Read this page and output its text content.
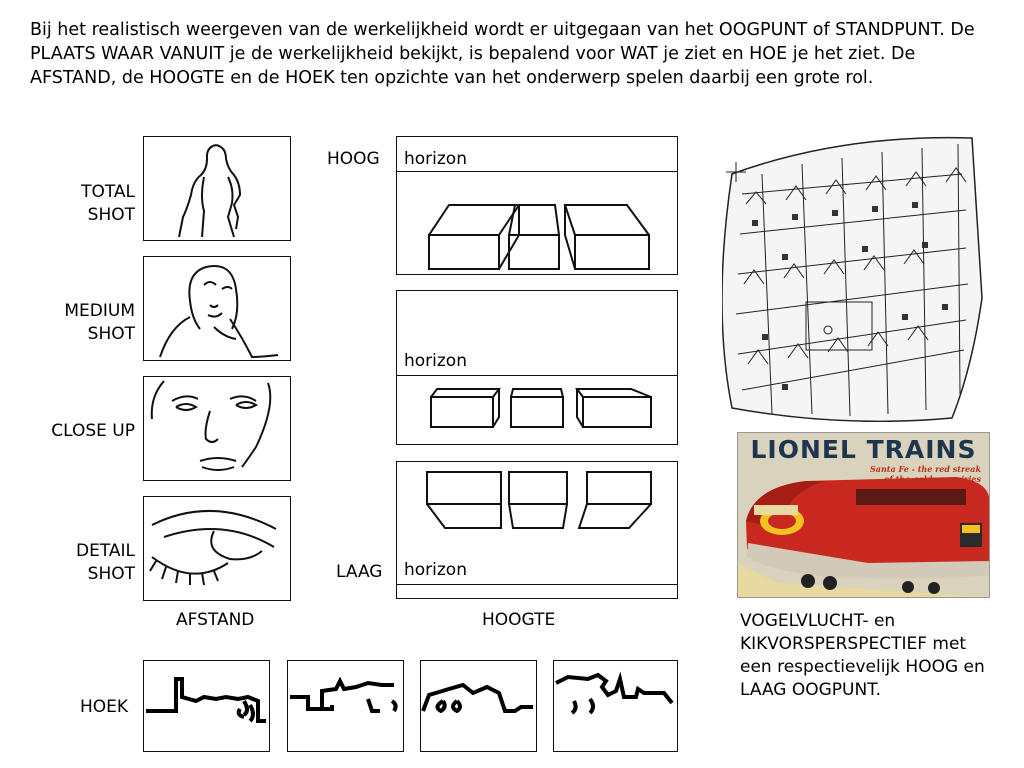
Bij het realistisch weergeven van de werkelijkheid wordt er uitgegaan van het OOGPUNT of STANDPUNT. De PLAATS WAAR VANUIT je de werkelijkheid bekijkt, is bepalend voor WAT je ziet en HOE je het ziet. De AFSTAND, de HOOGTE en de HOEK ten opzichte van het onderwerp spelen daarbij een grote rol.

TOTAL
SHOT
MEDIUM
SHOT
CLOSE UP
DETAIL
SHOT
AFSTAND
HOOG horizon
horizon
LAAG horizon
HOOGTE
HOEK
LIONEL TRAINS
Santa Fe - the red streak
of the golden prairies
VOGELVLUCHT- en KIKVORSPERSPECTIEF met een respectievelijk HOOG en LAAG OOGPUNT.
